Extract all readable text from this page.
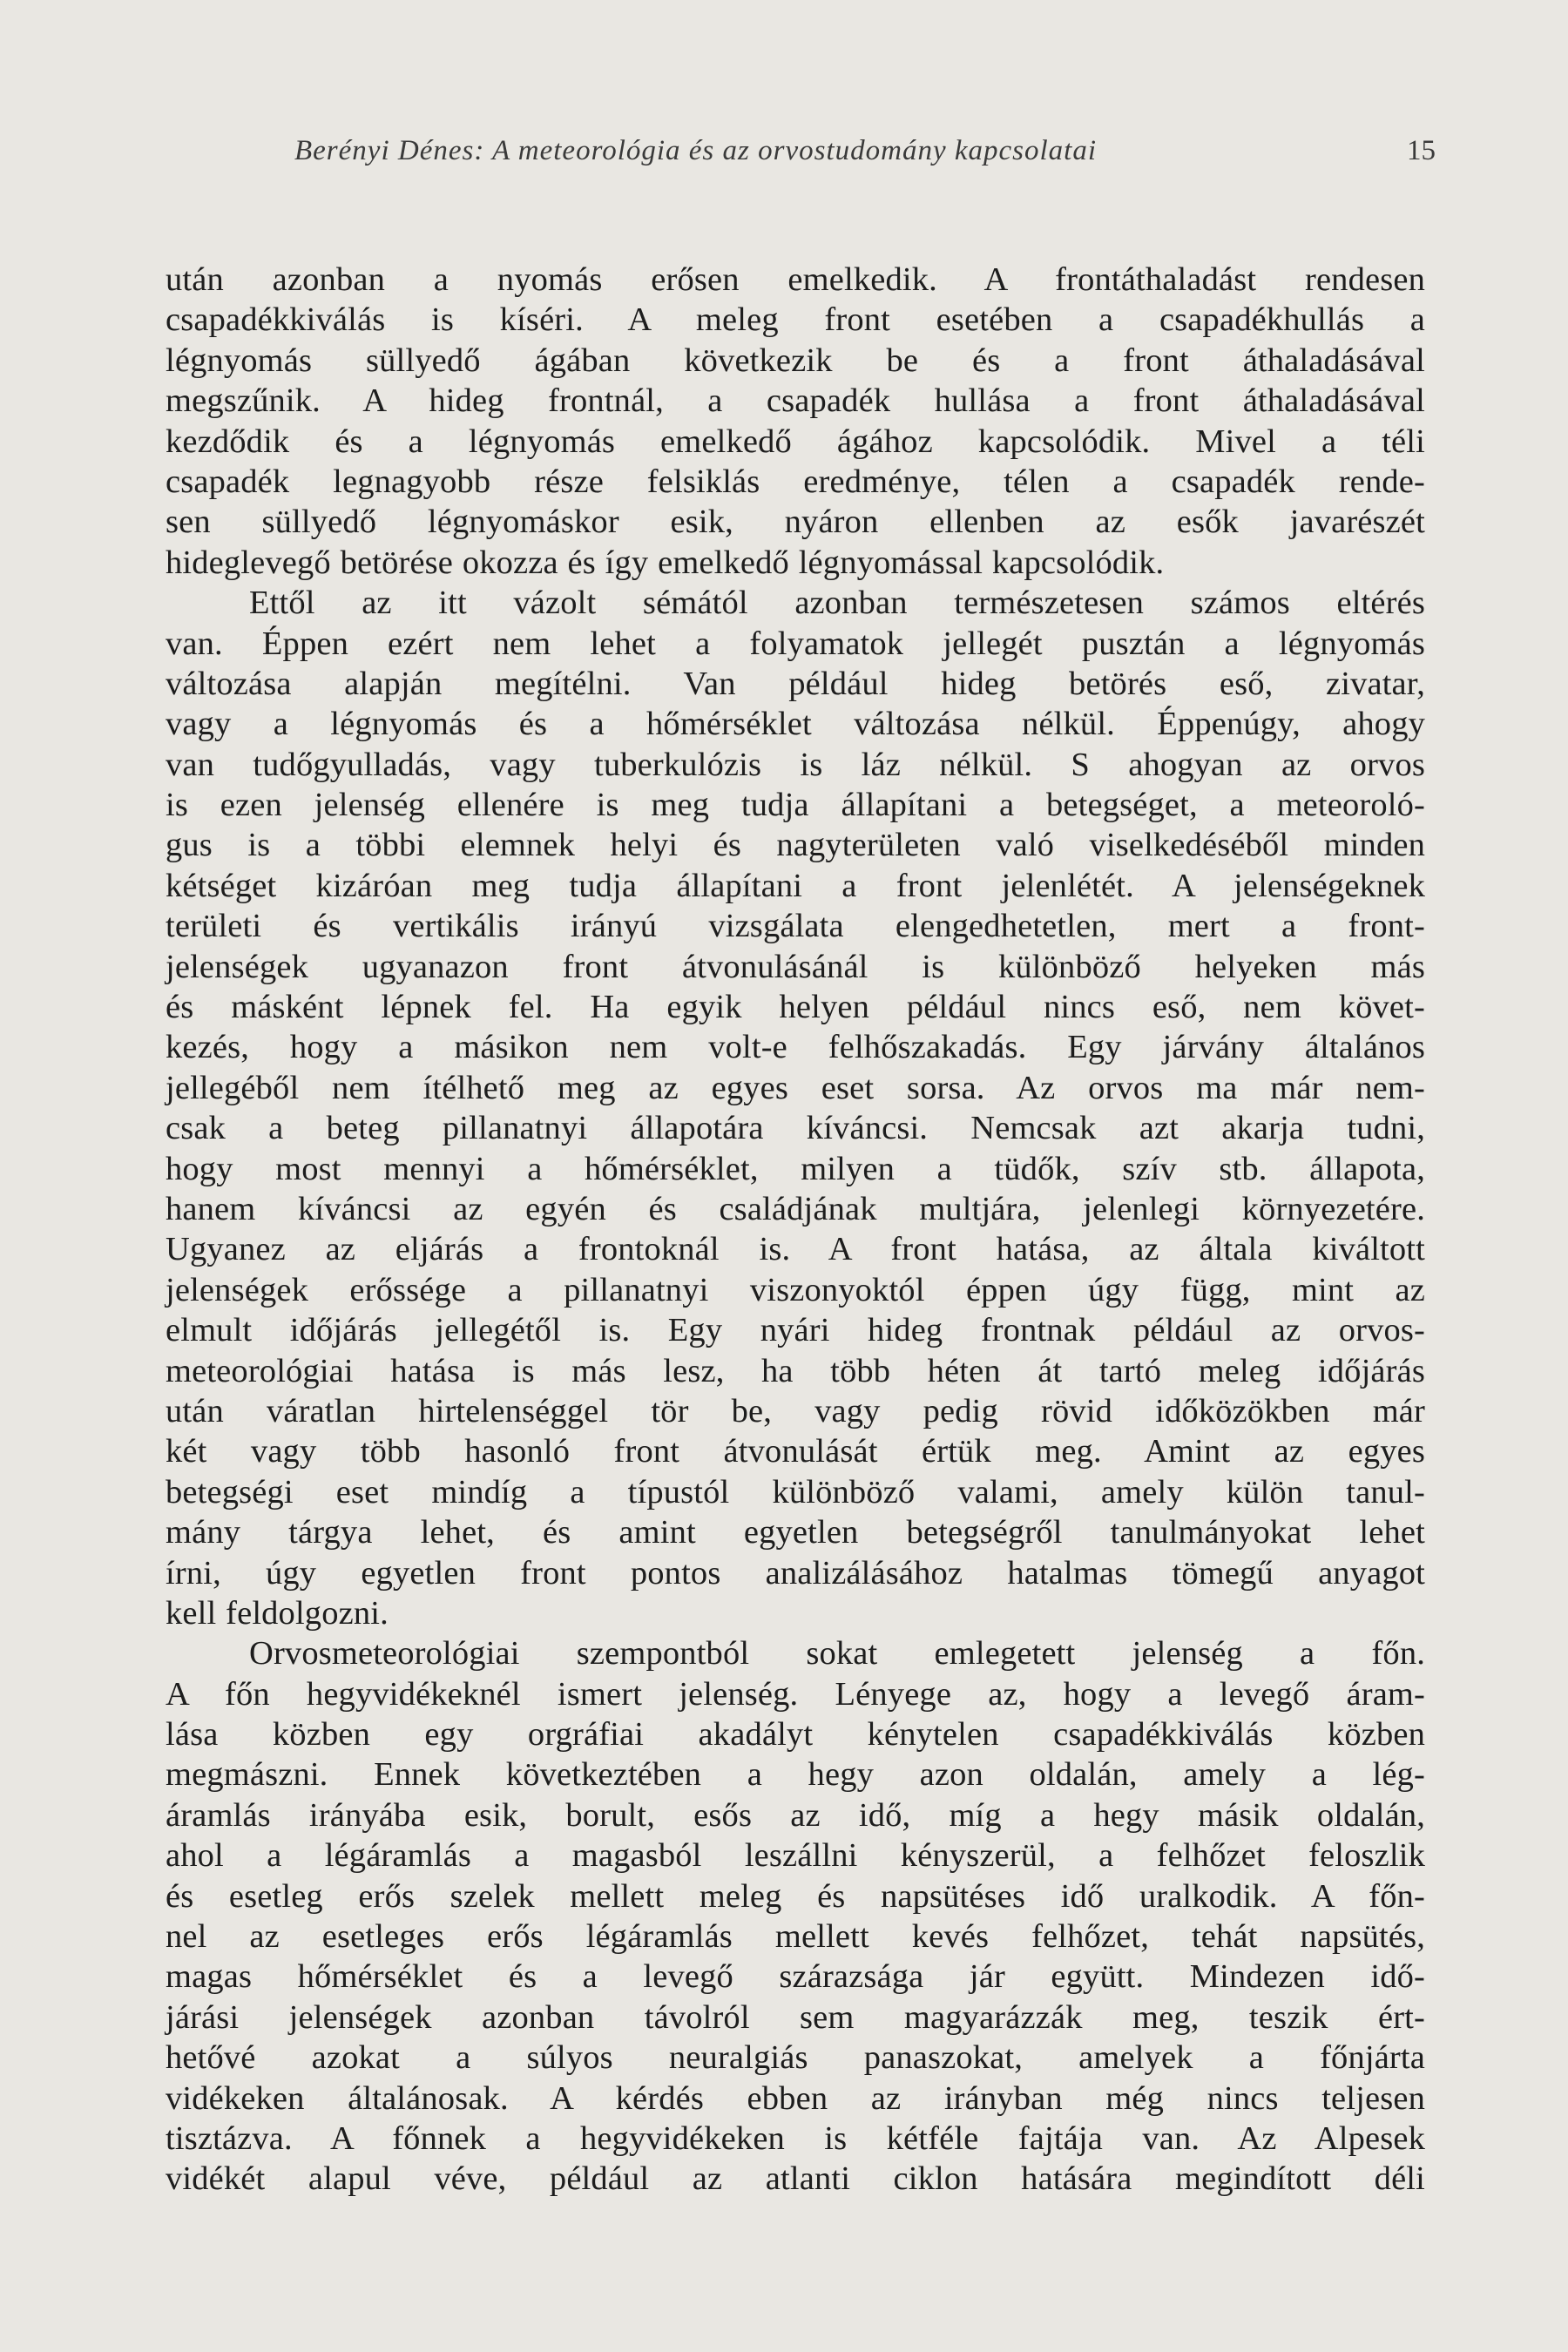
Berényi Dénes: A meteorológia és az orvostudomány kapcsolatai	15
után azonban a nyomás erősen emelkedik. A frontáthaladást rendesen
csapadékkiválás is kíséri. A meleg front esetében a csapadékhullás a
légnyomás süllyedő ágában következik be és a front áthaladásával
megszűnik. A hideg frontnál, a csapadék hullása a front áthaladásával
kezdődik és a légnyomás emelkedő ágához kapcsolódik. Mivel a téli
csapadék legnagyobb része felsiklás eredménye, télen a csapadék rende-
sen süllyedő légnyomáskor esik, nyáron ellenben az esők javarészét
hideglevegő betörése okozza és így emelkedő légnyomással kapcsolódik.
Ettől az itt vázolt sémától azonban természetesen számos eltérés
van. Éppen ezért nem lehet a folyamatok jellegét pusztán a légnyomás
változása alapján megítélni. Van például hideg betörés eső, zivatar,
vagy a légnyomás és a hőmérséklet változása nélkül. Éppenúgy, ahogy
van tudőgyulladás, vagy tuberkulózis is láz nélkül. S ahogyan az orvos
is ezen jelenség ellenére is meg tudja állapítani a betegséget, a meteoroló-
gus is a többi elemnek helyi és nagyterületen való viselkedéséből minden
kétséget kizáróan meg tudja állapítani a front jelenlétét. A jelenségeknek
területi és vertikális irányú vizsgálata elengedhetetlen, mert a front-
jelenségek ugyanazon front átvonulásánál is különböző helyeken más
és másként lépnek fel. Ha egyik helyen például nincs eső, nem követ-
kezés, hogy a másikon nem volt-e felhőszakadás. Egy járvány általános
jellegéből nem ítélhető meg az egyes eset sorsa. Az orvos ma már nem-
csak a beteg pillanatnyi állapotára kíváncsi. Nemcsak azt akarja tudni,
hogy most mennyi a hőmérséklet, milyen a tüdők, szív stb. állapota,
hanem kíváncsi az egyén és családjának multjára, jelenlegi környezetére.
Ugyanez az eljárás a frontoknál is. A front hatása, az általa kiváltott
jelenségek erőssége a pillanatnyi viszonyoktól éppen úgy függ, mint az
elmult időjárás jellegétől is. Egy nyári hideg frontnak például az orvos-
meteorológiai hatása is más lesz, ha több héten át tartó meleg időjárás
után váratlan hirtelenséggel tör be, vagy pedig rövid időközökben már
két vagy több hasonló front átvonulását értük meg. Amint az egyes
betegségi eset mindíg a típustól különböző valami, amely külön tanul-
mány tárgya lehet, és amint egyetlen betegségről tanulmányokat lehet
írni, úgy egyetlen front pontos analizálásához hatalmas tömegű anyagot
kell feldolgozni.
Orvosmeteorológiai szempontból sokat emlegetett jelenség a főn.
A főn hegyvidékeknél ismert jelenség. Lényege az, hogy a levegő áram-
lása közben egy orgráfiai akadályt kénytelen csapadékkiválás közben
megmászni. Ennek következtében a hegy azon oldalán, amely a lég-
áramlás irányába esik, borult, esős az idő, míg a hegy másik oldalán,
ahol a légáramlás a magasból leszállni kényszerül, a felhőzet feloszlik
és esetleg erős szelek mellett meleg és napsütéses idő uralkodik. A főn-
nel az esetleges erős légáramlás mellett kevés felhőzet, tehát napsütés,
magas hőmérséklet és a levegő szárazsága jár együtt. Mindezen idő-
járási jelenségek azonban távolról sem magyarázzák meg, teszik ért-
hetővé azokat a súlyos neuralgiás panaszokat, amelyek a főnjárta
vidékeken általánosak. A kérdés ebben az irányban még nincs teljesen
tisztázva. A főnnek a hegyvidékeken is kétféle fajtája van. Az Alpesek
vidékét alapul véve, például az atlanti ciklon hatására megindított déli
